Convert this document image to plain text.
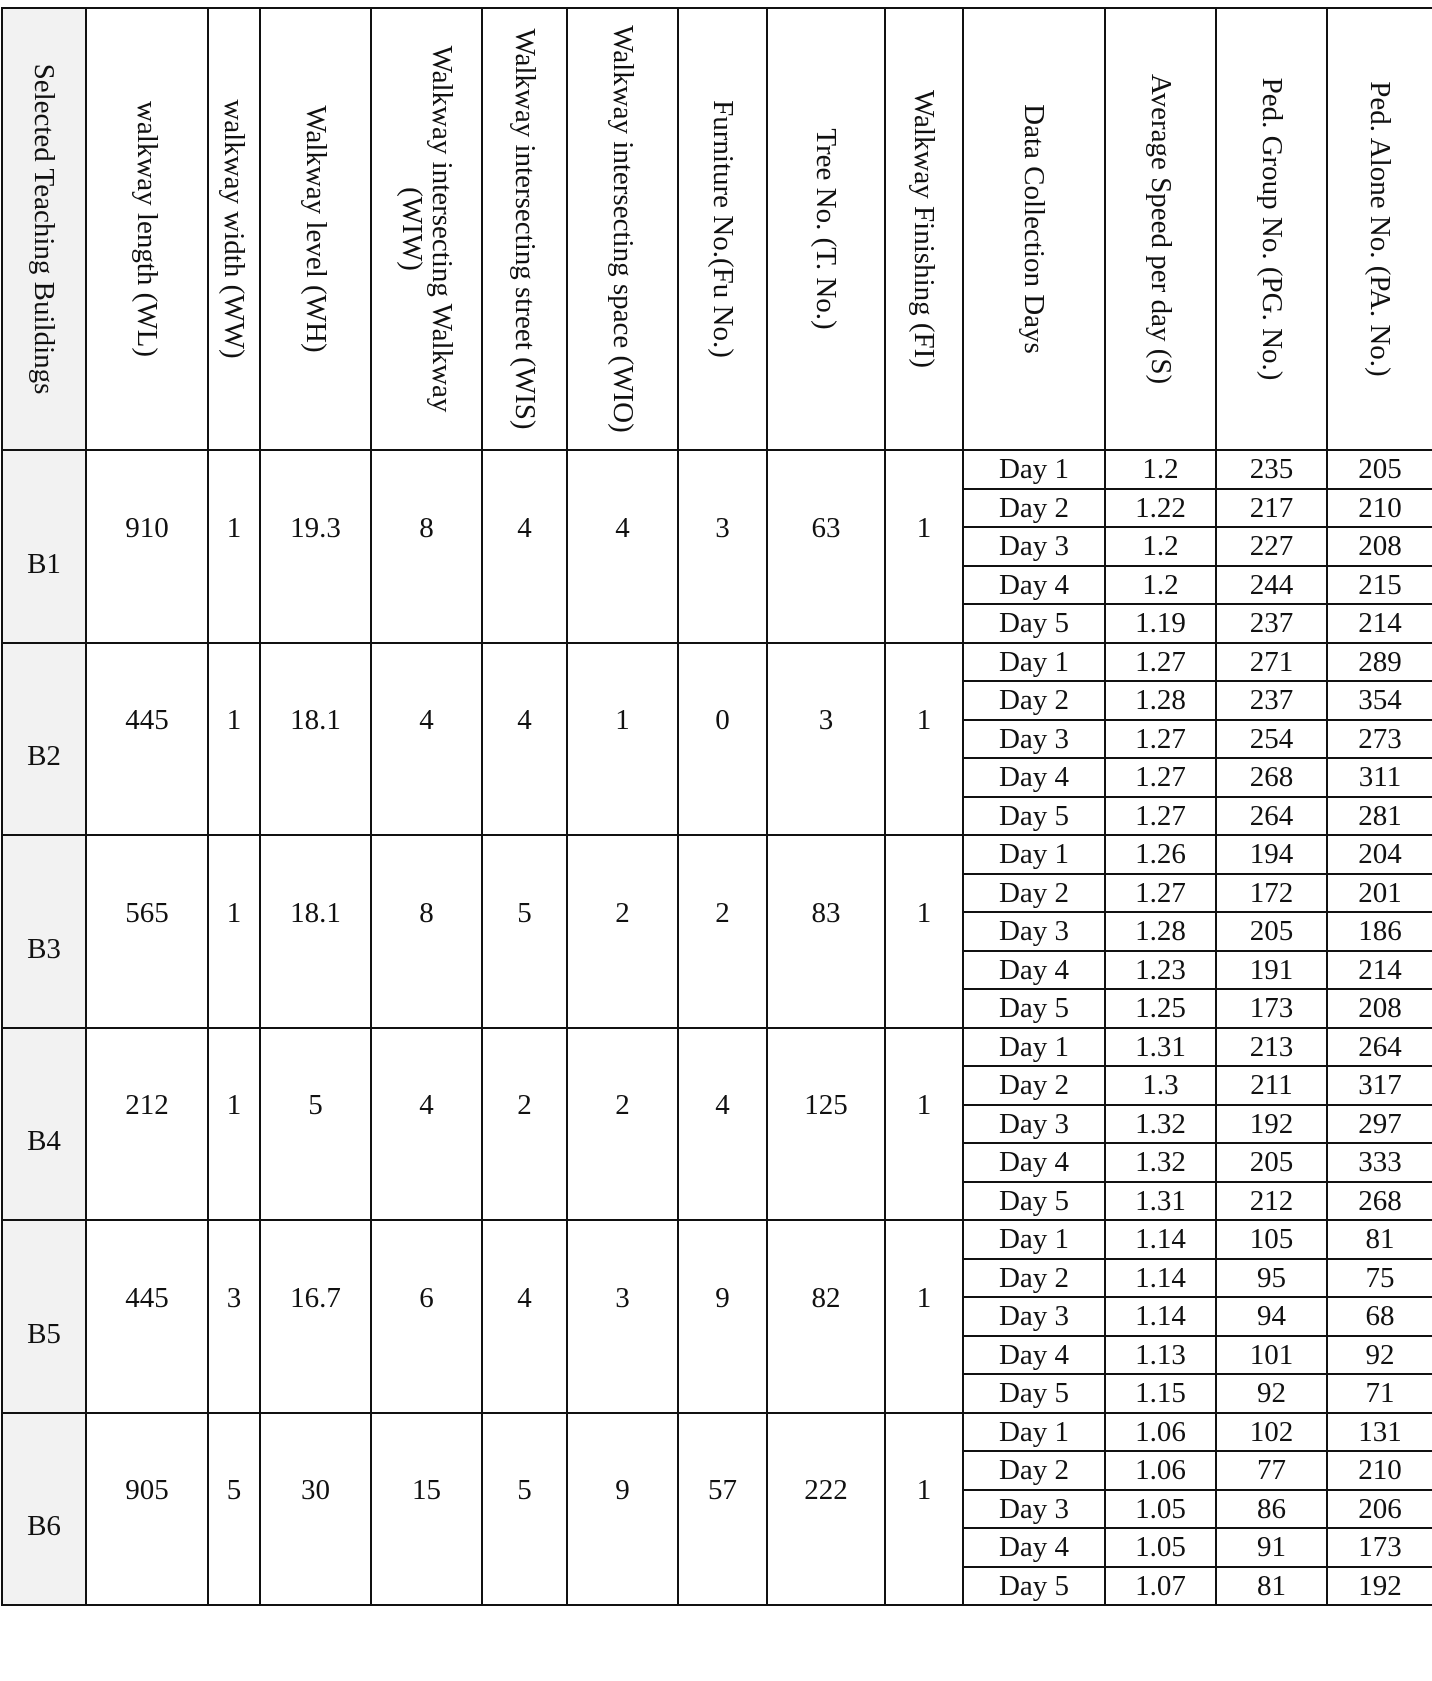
Selected Teaching Buildings	walkway length (WL)	walkway width (WW)	Walkway level (WH)	Walkway intersecting Walkway (WIW)	Walkway intersecting street (WIS)	Walkway intersecting space (WIO)	Furniture No.(Fu No.)	Tree No. (T. No.)	Walkway Finishing (FI)	Data Collection Days	Average Speed per day (S)	Ped. Group No. (PG. No.)	Ped. Alone No. (PA. No.)

B1	910	1	19.3	8	4	4	3	63	1	Day 1	1.2	235	205
										Day 2	1.22	217	210
										Day 3	1.2	227	208
										Day 4	1.2	244	215
										Day 5	1.19	237	214
B2	445	1	18.1	4	4	1	0	3	1	Day 1	1.27	271	289
										Day 2	1.28	237	354
										Day 3	1.27	254	273
										Day 4	1.27	268	311
										Day 5	1.27	264	281
B3	565	1	18.1	8	5	2	2	83	1	Day 1	1.26	194	204
										Day 2	1.27	172	201
										Day 3	1.28	205	186
										Day 4	1.23	191	214
										Day 5	1.25	173	208
B4	212	1	5	4	2	2	4	125	1	Day 1	1.31	213	264
										Day 2	1.3	211	317
										Day 3	1.32	192	297
										Day 4	1.32	205	333
										Day 5	1.31	212	268
B5	445	3	16.7	6	4	3	9	82	1	Day 1	1.14	105	81
										Day 2	1.14	95	75
										Day 3	1.14	94	68
										Day 4	1.13	101	92
										Day 5	1.15	92	71
B6	905	5	30	15	5	9	57	222	1	Day 1	1.06	102	131
										Day 2	1.06	77	210
										Day 3	1.05	86	206
										Day 4	1.05	91	173
										Day 5	1.07	81	192
